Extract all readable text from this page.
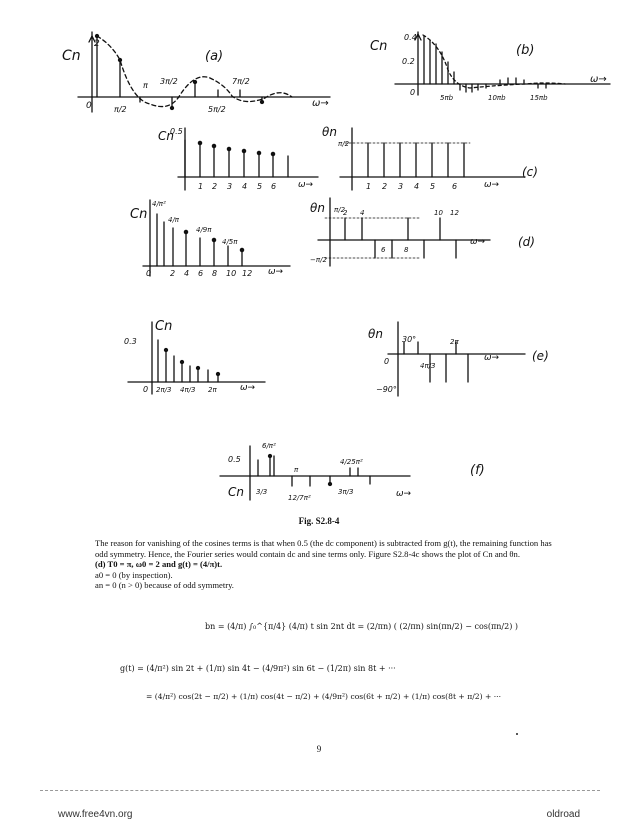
Cn
2
0	π/2
π 3π/2
5π/2
7π/2
ω→
(a)
Cn
0.4
0.2
0
5πb	10πb	15πb
ω→
(b)
Cn
0.5
1 2 3 4 5 6 ω→
θn
π/2
1 2 3 4 5 6	ω→
(c)
Cn
4/π²
4/π
4/9π
4/5π
0 2 4 6 8 10 12 ω→
θn π/2
−π/2
2 4	10 12
6	8
ω→	(d)
Cn
0.3
0 2π/3 4π/3 2π	ω→
θn 30°
−90°
0	4π/3
2π
ω→	(e)
Cn
0.5
6/π²
π
4/25π²
3/3
12/7π²
3π/3	ω→
(f)
Fig. S2.8-4

The reason for vanishing of the cosines terms is that when 0.5 (the dc component) is subtracted from g(t), the remaining function has odd symmetry. Hence, the Fourier series would contain dc and sine terms only. Figure S2.8-4c shows the plot of Cn and θn.

(d) T0 = π, ω0 = 2 and g(t) = (4/π)t.

a0 = 0 (by inspection).

an = 0 (n > 0) because of odd symmetry.

bn = (4/π) ∫₀^{π/4} (4/π) t sin 2nt dt = (2/πn) ( (2/πn) sin(πn/2) − cos(πn/2) )
g(t) = (4/π²) sin 2t + (1/π) sin 4t − (4/9π²) sin 6t − (1/2π) sin 8t + ···
= (4/π²) cos(2t − π/2) + (1/π) cos(4t − π/2) + (4/9π²) cos(6t + π/2) + (1/π) cos(8t + π/2) + ···
9
www.free4vn.org	oldroad
